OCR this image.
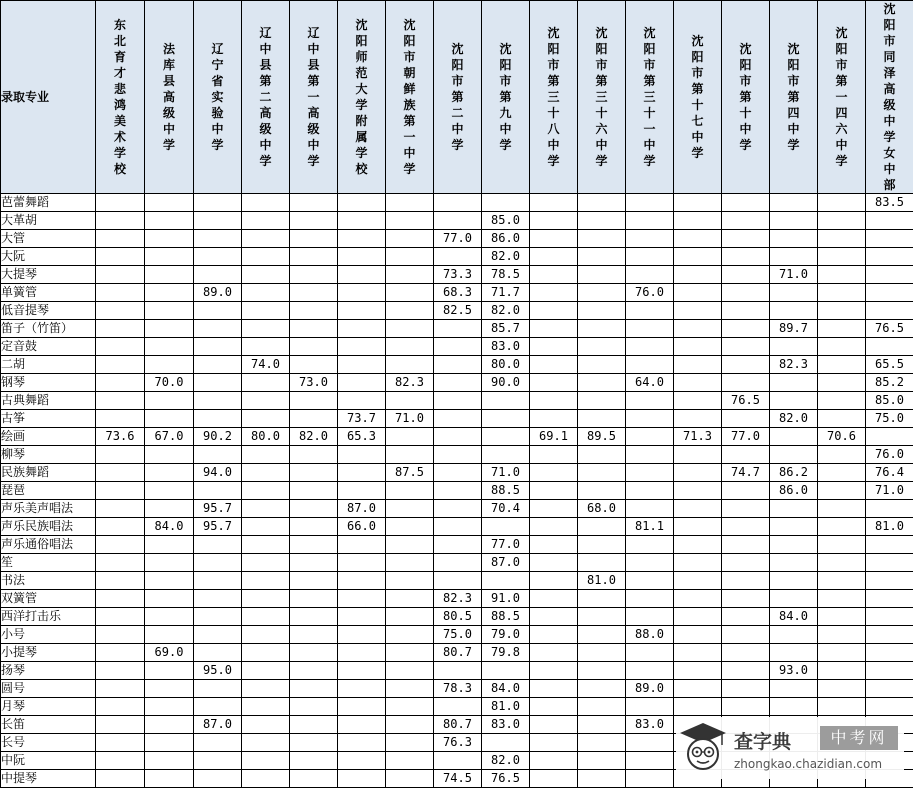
录取专业	东北育才悲鸿美术学校	法库县高级中学	辽宁省实验中学	辽中县第二高级中学	辽中县第一高级中学	沈阳师范大学附属学校	沈阳市朝鲜族第一中学	沈阳市第二中学	沈阳市第九中学	沈阳市第三十八中学	沈阳市第三十六中学	沈阳市第三十一中学	沈阳市第十七中学	沈阳市第十中学	沈阳市第四中学	沈阳市第一四六中学	沈阳市同泽高级中学女中部
芭蕾舞蹈																	83.5
大革胡									85.0								
大管								77.0	86.0								
大阮									82.0								
大提琴								73.3	78.5						71.0		
单簧管			89.0					68.3	71.7			76.0					
低音提琴								82.5	82.0								
笛子（竹笛）									85.7						89.7		76.5
定音鼓									83.0								
二胡				74.0					80.0						82.3		65.5
钢琴		70.0			73.0		82.3		90.0			64.0					85.2
古典舞蹈														76.5			85.0
古筝						73.7	71.0								82.0		75.0
绘画	73.6	67.0	90.2	80.0	82.0	65.3				69.1	89.5		71.3	77.0		70.6	
柳琴																	76.0
民族舞蹈			94.0				87.5		71.0					74.7	86.2		76.4
琵琶									88.5						86.0		71.0
声乐美声唱法			95.7			87.0			70.4		68.0						
声乐民族唱法		84.0	95.7			66.0						81.1					81.0
声乐通俗唱法									77.0								
笙									87.0								
书法											81.0						
双簧管								82.3	91.0								
西洋打击乐								80.5	88.5						84.0		
小号								75.0	79.0			88.0					
小提琴		69.0						80.7	79.8								
扬琴			95.0												93.0		
圆号								78.3	84.0			89.0					
月琴									81.0								
长笛			87.0					80.7	83.0			83.0					
长号								76.3									
中阮									82.0								
中提琴								74.5	76.5								
查字典	中考网
zhongkao.chazidian.com
